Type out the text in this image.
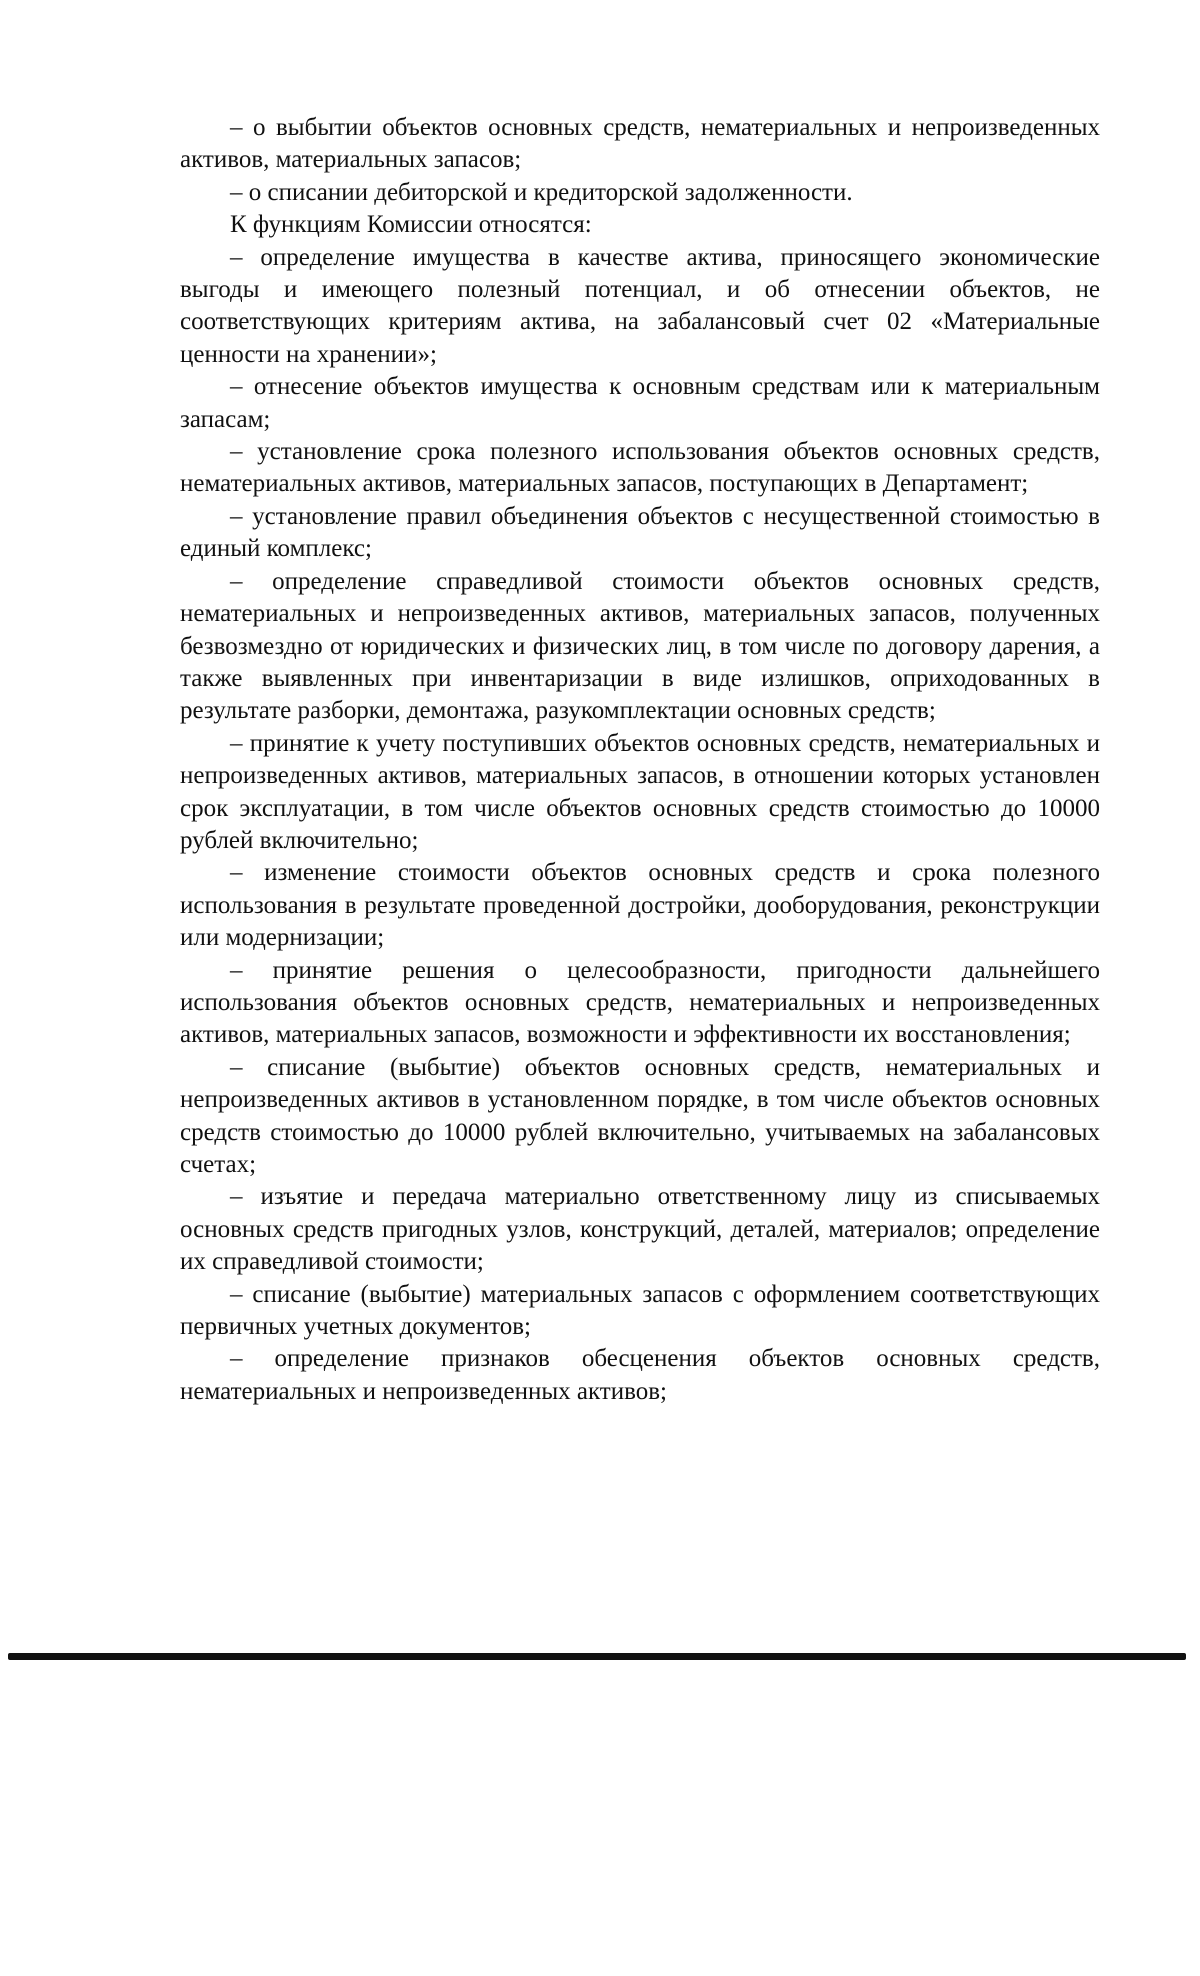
– о выбытии объектов основных средств, нематериальных и непроизведенных активов, материальных запасов;

– о списании дебиторской и кредиторской задолженности.

К функциям Комиссии относятся:

– определение имущества в качестве актива, приносящего экономические выгоды и имеющего полезный потенциал, и об отнесении объектов, не соответствующих критериям актива, на забалансовый счет 02 «Материальные ценности на хранении»;

– отнесение объектов имущества к основным средствам или к материальным запасам;

– установление срока полезного использования объектов основных средств, нематериальных активов, материальных запасов, поступающих в Департамент;

– установление правил объединения объектов с несущественной стоимостью в единый комплекс;

– определение справедливой стоимости объектов основных средств, нематериальных и непроизведенных активов, материальных запасов, полученных безвозмездно от юридических и физических лиц, в том числе по договору дарения, а также выявленных при инвентаризации в виде излишков, оприходованных в результате разборки, демонтажа, разукомплектации основных средств;

– принятие к учету поступивших объектов основных средств, нематериальных и непроизведенных активов, материальных запасов, в отношении которых установлен срок эксплуатации, в том числе объектов основных средств стоимостью до 10000 рублей включительно;

– изменение стоимости объектов основных средств и срока полезного использования в результате проведенной достройки, дооборудования, реконструкции или модернизации;

– принятие решения о целесообразности, пригодности дальнейшего использования объектов основных средств, нематериальных и непроизведенных активов, материальных запасов, возможности и эффективности их восстановления;

– списание (выбытие) объектов основных средств, нематериальных и непроизведенных активов в установленном порядке, в том числе объектов основных средств стоимостью до 10000 рублей включительно, учитываемых на забалансовых счетах;

– изъятие и передача материально ответственному лицу из списываемых основных средств пригодных узлов, конструкций, деталей, материалов; определение их справедливой стоимости;

– списание (выбытие) материальных запасов с оформлением соответствующих первичных учетных документов;

– определение признаков обесценения объектов основных средств, нематериальных и непроизведенных активов;
